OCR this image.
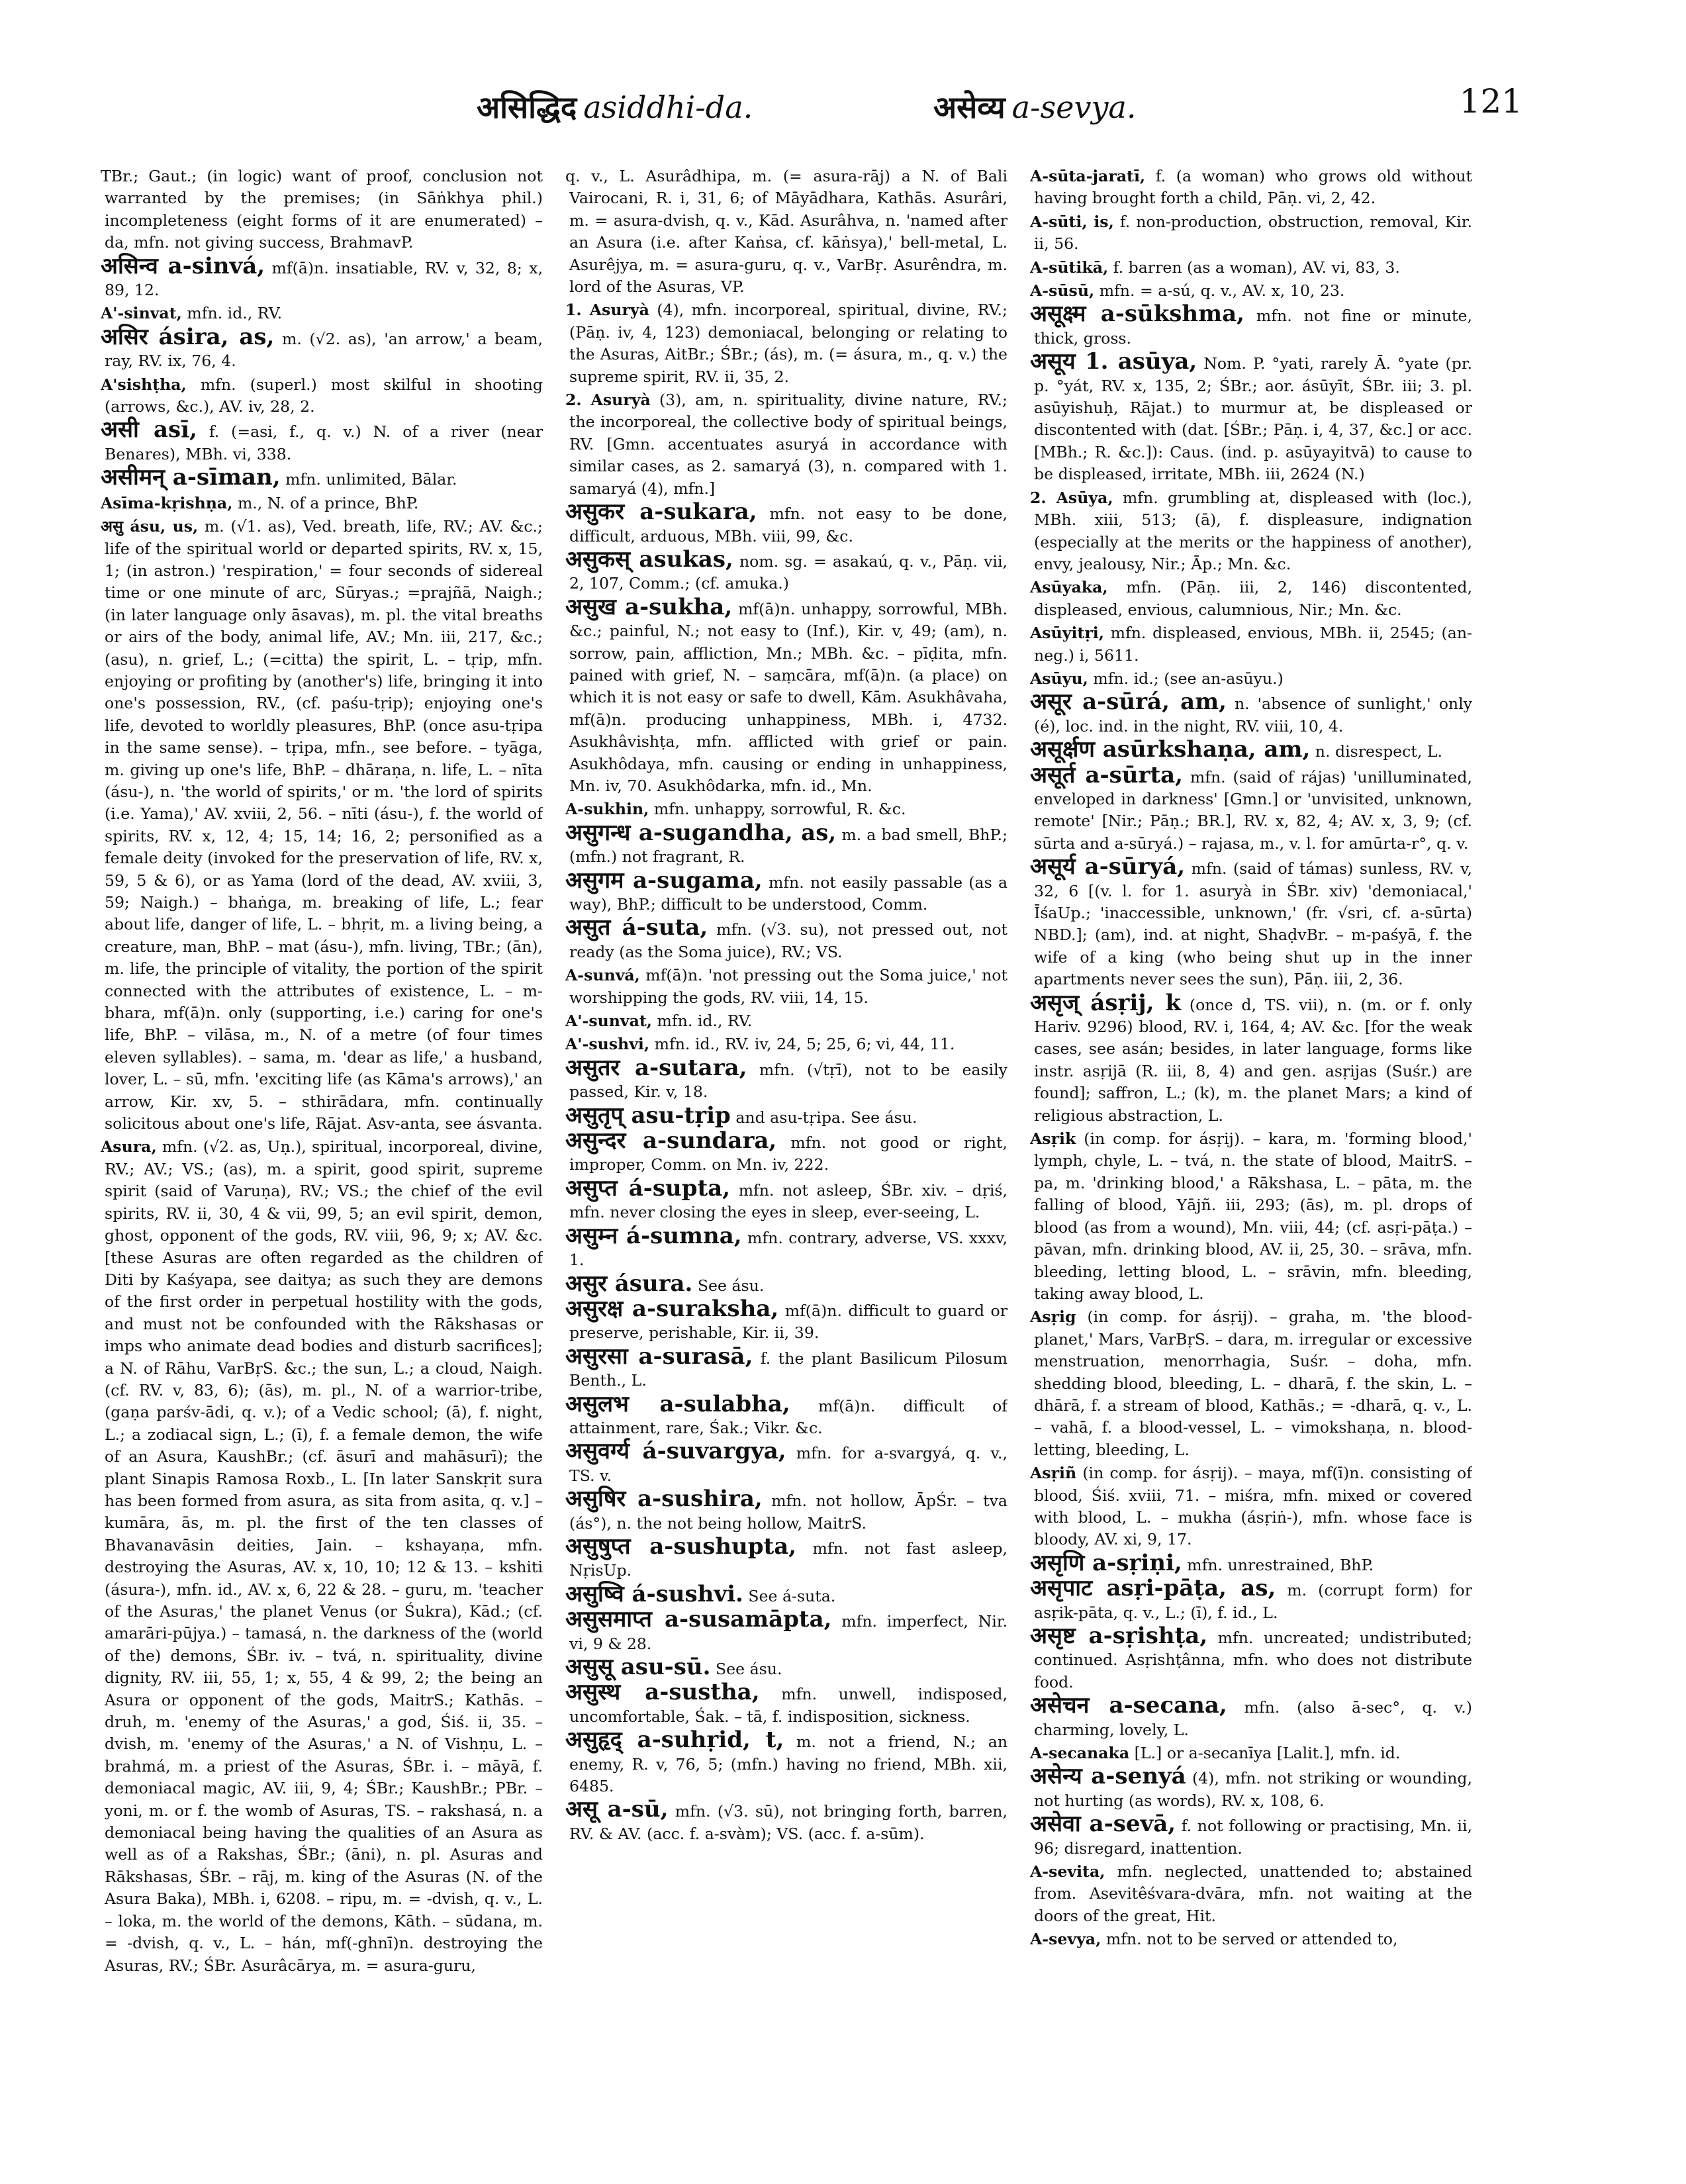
असिद्धिद asiddhi-da.	असेव्य a-sevya.	121

TBr.; Gaut.; (in logic) want of proof, conclusion not warranted by the premises; (in Sāṅkhya phil.) incompleteness (eight forms of it are enumerated) – da, mfn. not giving success, BrahmavP.

असिन्व a-sinvá, mf(ā)n. insatiable, RV. v, 32, 8; x, 89, 12.

A'-sinvat, mfn. id., RV.

असिर ásira, as, m. (√2. as), 'an arrow,' a beam, ray, RV. ix, 76, 4.

A'sishṭha, mfn. (superl.) most skilful in shooting (arrows, &c.), AV. iv, 28, 2.

असी asī, f. (=asi, f., q. v.) N. of a river (near Benares), MBh. vi, 338.

असीमन् a-sīman, mfn. unlimited, Bālar.

Asīma-kṛishṇa, m., N. of a prince, BhP.

असु ásu, us, m. (√1. as), Ved. breath, life, RV.; AV. &c.; life of the spiritual world or departed spirits, RV. x, 15, 1; (in astron.) 'respiration,' = four seconds of sidereal time or one minute of arc, Sūryas.; =prajñā, Naigh.; (in later language only āsavas), m. pl. the vital breaths or airs of the body, animal life, AV.; Mn. iii, 217, &c.; (asu), n. grief, L.; (=citta) the spirit, L. – tṛip, mfn. enjoying or profiting by (another's) life, bringing it into one's possession, RV., (cf. paśu-tṛip); enjoying one's life, devoted to worldly pleasures, BhP. (once asu-tṛipa in the same sense). – tṛipa, mfn., see before. – tyāga, m. giving up one's life, BhP. – dhāraṇa, n. life, L. – nīta (ásu-), n. 'the world of spirits,' or m. 'the lord of spirits (i.e. Yama),' AV. xviii, 2, 56. – nīti (ásu-), f. the world of spirits, RV. x, 12, 4; 15, 14; 16, 2; personified as a female deity (invoked for the preservation of life, RV. x, 59, 5 & 6), or as Yama (lord of the dead, AV. xviii, 3, 59; Naigh.) – bhaṅga, m. breaking of life, L.; fear about life, danger of life, L. – bhṛit, m. a living being, a creature, man, BhP. – mat (ásu-), mfn. living, TBr.; (ān), m. life, the principle of vitality, the portion of the spirit connected with the attributes of existence, L. – m-bhara, mf(ā)n. only (supporting, i.e.) caring for one's life, BhP. – vilāsa, m., N. of a metre (of four times eleven syllables). – sama, m. 'dear as life,' a husband, lover, L. – sū, mfn. 'exciting life (as Kāma's arrows),' an arrow, Kir. xv, 5. – sthirādara, mfn. continually solicitous about one's life, Rājat. Asv-anta, see ásvanta.

Asura, mfn. (√2. as, Uṇ.), spiritual, incorporeal, divine, RV.; AV.; VS.; (as), m. a spirit, good spirit, supreme spirit (said of Varuṇa), RV.; VS.; the chief of the evil spirits, RV. ii, 30, 4 & vii, 99, 5; an evil spirit, demon, ghost, opponent of the gods, RV. viii, 96, 9; x; AV. &c. [these Asuras are often regarded as the children of Diti by Kaśyapa, see daitya; as such they are demons of the first order in perpetual hostility with the gods, and must not be confounded with the Rākshasas or imps who animate dead bodies and disturb sacrifices]; a N. of Rāhu, VarBṛS. &c.; the sun, L.; a cloud, Naigh. (cf. RV. v, 83, 6); (ās), m. pl., N. of a warrior-tribe, (gaṇa parśv-ādi, q. v.); of a Vedic school; (ā), f. night, L.; a zodiacal sign, L.; (ī), f. a female demon, the wife of an Asura, KaushBr.; (cf. āsurī and mahāsurī); the plant Sinapis Ramosa Roxb., L. [In later Sanskṛit sura has been formed from asura, as sita from asita, q. v.] – kumāra, ās, m. pl. the first of the ten classes of Bhavanavāsin deities, Jain. – kshayaṇa, mfn. destroying the Asuras, AV. x, 10, 10; 12 & 13. – kshiti (ásura-), mfn. id., AV. x, 6, 22 & 28. – guru, m. 'teacher of the Asuras,' the planet Venus (or Śukra), Kād.; (cf. amarāri-pūjya.) – tamasá, n. the darkness of the (world of the) demons, ŚBr. iv. – tvá, n. spirituality, divine dignity, RV. iii, 55, 1; x, 55, 4 & 99, 2; the being an Asura or opponent of the gods, MaitrS.; Kathās. – druh, m. 'enemy of the Asuras,' a god, Śiś. ii, 35. – dvish, m. 'enemy of the Asuras,' a N. of Vishṇu, L. – brahmá, m. a priest of the Asuras, ŚBr. i. – māyā, f. demoniacal magic, AV. iii, 9, 4; ŚBr.; KaushBr.; PBr. – yoni, m. or f. the womb of Asuras, TS. – rakshasá, n. a demoniacal being having the qualities of an Asura as well as of a Rakshas, ŚBr.; (āni), n. pl. Asuras and Rākshasas, ŚBr. – rāj, m. king of the Asuras (N. of the Asura Baka), MBh. i, 6208. – ripu, m. = -dvish, q. v., L. – loka, m. the world of the demons, Kāth. – sūdana, m. = -dvish, q. v., L. – hán, mf(-ghnī)n. destroying the Asuras, RV.; ŚBr. Asurâcārya, m. = asura-guru,

q. v., L. Asurâdhipa, m. (= asura-rāj) a N. of Bali Vairocani, R. i, 31, 6; of Māyādhara, Kathās. Asurâri, m. = asura-dvish, q. v., Kād. Asurâhva, n. 'named after an Asura (i.e. after Kaṅsa, cf. kāṅsya),' bell-metal, L. Asurêjya, m. = asura-guru, q. v., VarBṛ. Asurêndra, m. lord of the Asuras, VP.

1. Asuryà (4), mfn. incorporeal, spiritual, divine, RV.; (Pāṇ. iv, 4, 123) demoniacal, belonging or relating to the Asuras, AitBr.; ŚBr.; (ás), m. (= ásura, m., q. v.) the supreme spirit, RV. ii, 35, 2.

2. Asuryà (3), am, n. spirituality, divine nature, RV.; the incorporeal, the collective body of spiritual beings, RV. [Gmn. accentuates asuryá in accordance with similar cases, as 2. samaryá (3), n. compared with 1. samaryá (4), mfn.]

असुकर a-sukara, mfn. not easy to be done, difficult, arduous, MBh. viii, 99, &c.

असुकस् asukas, nom. sg. = asakaú, q. v., Pāṇ. vii, 2, 107, Comm.; (cf. amuka.)

असुख a-sukha, mf(ā)n. unhappy, sorrowful, MBh. &c.; painful, N.; not easy to (Inf.), Kir. v, 49; (am), n. sorrow, pain, affliction, Mn.; MBh. &c. – pīḍita, mfn. pained with grief, N. – saṃcāra, mf(ā)n. (a place) on which it is not easy or safe to dwell, Kām. Asukhâvaha, mf(ā)n. producing unhappiness, MBh. i, 4732. Asukhâvishṭa, mfn. afflicted with grief or pain. Asukhôdaya, mfn. causing or ending in unhappiness, Mn. iv, 70. Asukhôdarka, mfn. id., Mn.

A-sukhin, mfn. unhappy, sorrowful, R. &c.

असुगन्ध a-sugandha, as, m. a bad smell, BhP.; (mfn.) not fragrant, R.

असुगम a-sugama, mfn. not easily passable (as a way), BhP.; difficult to be understood, Comm.

असुत á-suta, mfn. (√3. su), not pressed out, not ready (as the Soma juice), RV.; VS.

A-sunvá, mf(ā)n. 'not pressing out the Soma juice,' not worshipping the gods, RV. viii, 14, 15.

A'-sunvat, mfn. id., RV.

A'-sushvi, mfn. id., RV. iv, 24, 5; 25, 6; vi, 44, 11.

असुतर a-sutara, mfn. (√tṛī), not to be easily passed, Kir. v, 18.

असुतृप् asu-tṛip and asu-tṛipa. See ásu.

असुन्दर a-sundara, mfn. not good or right, improper, Comm. on Mn. iv, 222.

असुप्त á-supta, mfn. not asleep, ŚBr. xiv. – dṛiś, mfn. never closing the eyes in sleep, ever-seeing, L.

असुम्न á-sumna, mfn. contrary, adverse, VS. xxxv, 1.

असुर ásura. See ásu.

असुरक्ष a-suraksha, mf(ā)n. difficult to guard or preserve, perishable, Kir. ii, 39.

असुरसा a-surasā, f. the plant Basilicum Pilosum Benth., L.

असुलभ a-sulabha, mf(ā)n. difficult of attainment, rare, Śak.; Vikr. &c.

असुवर्ग्य á-suvargya, mfn. for a-svargyá, q. v., TS. v.

असुषिर a-sushira, mfn. not hollow, ĀpŚr. – tva (ás°), n. the not being hollow, MaitrS.

असुषुप्त a-sushupta, mfn. not fast asleep, NṛisUp.

असुष्वि á-sushvi. See á-suta.

असुसमाप्त a-susamāpta, mfn. imperfect, Nir. vi, 9 & 28.

असुसू asu-sū. See ásu.

असुस्थ a-sustha, mfn. unwell, indisposed, uncomfortable, Śak. – tā, f. indisposition, sickness.

असुहृद् a-suhṛid, t, m. not a friend, N.; an enemy, R. v, 76, 5; (mfn.) having no friend, MBh. xii, 6485.

असू a-sū, mfn. (√3. sū), not bringing forth, barren, RV. & AV. (acc. f. a-svàm); VS. (acc. f. a-sūm).

A-sūta-jaratī, f. (a woman) who grows old without having brought forth a child, Pāṇ. vi, 2, 42.

A-sūti, is, f. non-production, obstruction, removal, Kir. ii, 56.

A-sūtikā, f. barren (as a woman), AV. vi, 83, 3.

A-sūsū, mfn. = a-sú, q. v., AV. x, 10, 23.

असूक्ष्म a-sūkshma, mfn. not fine or minute, thick, gross.

असूय 1. asūya, Nom. P. °yati, rarely Ā. °yate (pr. p. °yát, RV. x, 135, 2; ŚBr.; aor. ásūyīt, ŚBr. iii; 3. pl. asūyishuḥ, Rājat.) to murmur at, be displeased or discontented with (dat. [ŚBr.; Pāṇ. i, 4, 37, &c.] or acc. [MBh.; R. &c.]): Caus. (ind. p. asūyayitvā) to cause to be displeased, irritate, MBh. iii, 2624 (N.)

2. Asūya, mfn. grumbling at, displeased with (loc.), MBh. xiii, 513; (ā), f. displeasure, indignation (especially at the merits or the happiness of another), envy, jealousy, Nir.; Āp.; Mn. &c.

Asūyaka, mfn. (Pāṇ. iii, 2, 146) discontented, displeased, envious, calumnious, Nir.; Mn. &c.

Asūyitṛi, mfn. displeased, envious, MBh. ii, 2545; (an- neg.) i, 5611.

Asūyu, mfn. id.; (see an-asūyu.)

असूर a-sūrá, am, n. 'absence of sunlight,' only (é), loc. ind. in the night, RV. viii, 10, 4.

असूर्क्षण asūrkshaṇa, am, n. disrespect, L.

असूर्त a-sūrta, mfn. (said of rájas) 'unilluminated, enveloped in darkness' [Gmn.] or 'unvisited, unknown, remote' [Nir.; Pāṇ.; BR.], RV. x, 82, 4; AV. x, 3, 9; (cf. sūrta and a-sūryá.) – rajasa, m., v. l. for amūrta-r°, q. v.

असूर्य a-sūryá, mfn. (said of támas) sunless, RV. v, 32, 6 [(v. l. for 1. asuryà in ŚBr. xiv) 'demoniacal,' ĪśaUp.; 'inaccessible, unknown,' (fr. √sri, cf. a-sūrta) NBD.]; (am), ind. at night, ShaḍvBr. – m-paśyā, f. the wife of a king (who being shut up in the inner apartments never sees the sun), Pāṇ. iii, 2, 36.

असृज् ásṛij, k (once d, TS. vii), n. (m. or f. only Hariv. 9296) blood, RV. i, 164, 4; AV. &c. [for the weak cases, see asán; besides, in later language, forms like instr. asṛijā (R. iii, 8, 4) and gen. asṛijas (Suśr.) are found]; saffron, L.; (k), m. the planet Mars; a kind of religious abstraction, L.

Asṛik (in comp. for ásṛij). – kara, m. 'forming blood,' lymph, chyle, L. – tvá, n. the state of blood, MaitrS. – pa, m. 'drinking blood,' a Rākshasa, L. – pāta, m. the falling of blood, Yājñ. iii, 293; (ās), m. pl. drops of blood (as from a wound), Mn. viii, 44; (cf. asṛi-pāṭa.) – pāvan, mfn. drinking blood, AV. ii, 25, 30. – srāva, mfn. bleeding, letting blood, L. – srāvin, mfn. bleeding, taking away blood, L.

Asṛig (in comp. for ásṛij). – graha, m. 'the blood-planet,' Mars, VarBṛS. – dara, m. irregular or excessive menstruation, menorrhagia, Suśr. – doha, mfn. shedding blood, bleeding, L. – dharā, f. the skin, L. – dhārā, f. a stream of blood, Kathās.; = -dharā, q. v., L. – vahā, f. a blood-vessel, L. – vimokshaṇa, n. blood-letting, bleeding, L.

Asṛiñ (in comp. for ásṛij). – maya, mf(ī)n. consisting of blood, Śiś. xviii, 71. – miśra, mfn. mixed or covered with blood, L. – mukha (ásṛiṅ-), mfn. whose face is bloody, AV. xi, 9, 17.

असृणि a-sṛiṇi, mfn. unrestrained, BhP.

असृपाट asṛi-pāṭa, as, m. (corrupt form) for asṛik-pāta, q. v., L.; (ī), f. id., L.

असृष्ट a-sṛishṭa, mfn. uncreated; undistributed; continued. Asṛishṭânna, mfn. who does not distribute food.

असेचन a-secana, mfn. (also ā-sec°, q. v.) charming, lovely, L.

A-secanaka [L.] or a-secanīya [Lalit.], mfn. id.

असेन्य a-senyá (4), mfn. not striking or wounding, not hurting (as words), RV. x, 108, 6.

असेवा a-sevā, f. not following or practising, Mn. ii, 96; disregard, inattention.

A-sevita, mfn. neglected, unattended to; abstained from. Asevitêśvara-dvāra, mfn. not waiting at the doors of the great, Hit.

A-sevya, mfn. not to be served or attended to,
